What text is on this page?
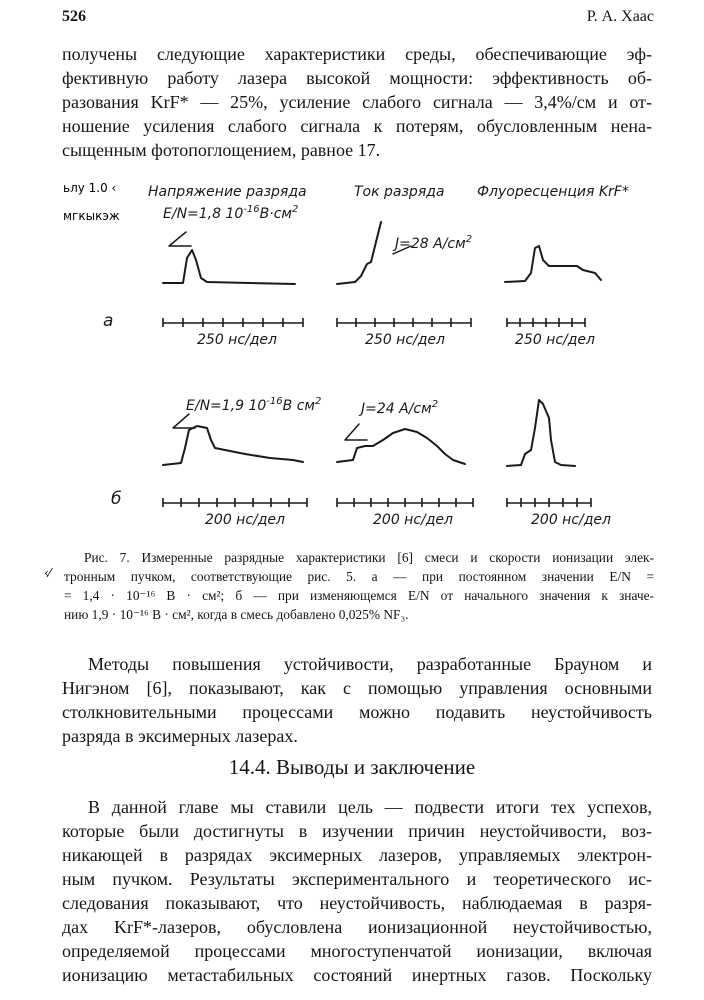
526	Р. А. Хаас
получены следующие характеристики среды, обеспечивающие эф-
фективную работу лазера высокой мощности: эффективность об-
разования KrF* — 25%, усиление слабого сигнала — 3,4%/см и от-
ношение усиления слабого сигнала к потерям, обусловленным нена-
сыщенным фотопоглощением, равное 17.
ьлу 1.0 ‹
мгкыкэж
Напряжение разряда	Ток разряда Флуоресценция KrF*
E/N=1,8 $10^{-16}В\cdot см^2$
J=28 $А/см^2$
а
250 нс/дел	250 нс/дел	250 нс/дел
E/N=1,9 $10^{-16}В$ $см^2$	J=24 $А/см^2$
б
200 нс/дел	200 нс/дел	200 нс/дел
‹⁄
Рис. 7. Измеренные разрядные характеристики [6] смеси и скорости ионизации элек-
тронным пучком, соответствующие рис. 5. а — при постоянном значении E/N =
= 1,4 · 10⁻¹⁶ В · см²; б — при изменяющемся E/N от начального значения к значе-
нию 1,9 · 10⁻¹⁶ В · см², когда в смесь добавлено 0,025% NF₃.
Методы повышения устойчивости, разработанные Брауном и
Нигэном [6], показывают, как с помощью управления основными
столкновительными процессами можно подавить неустойчивость
разряда в эксимерных лазерах.
14.4. Выводы и заключение
В данной главе мы ставили цель — подвести итоги тех успехов,
которые были достигнуты в изучении причин неустойчивости, воз-
никающей в разрядах эксимерных лазеров, управляемых электрон-
ным пучком. Результаты экспериментального и теоретического ис-
следования показывают, что неустойчивость, наблюдаемая в разря-
дах KrF*-лазеров, обусловлена ионизационной неустойчивостью,
определяемой процессами многоступенчатой ионизации, включая
ионизацию метастабильных состояний инертных газов. Поскольку
